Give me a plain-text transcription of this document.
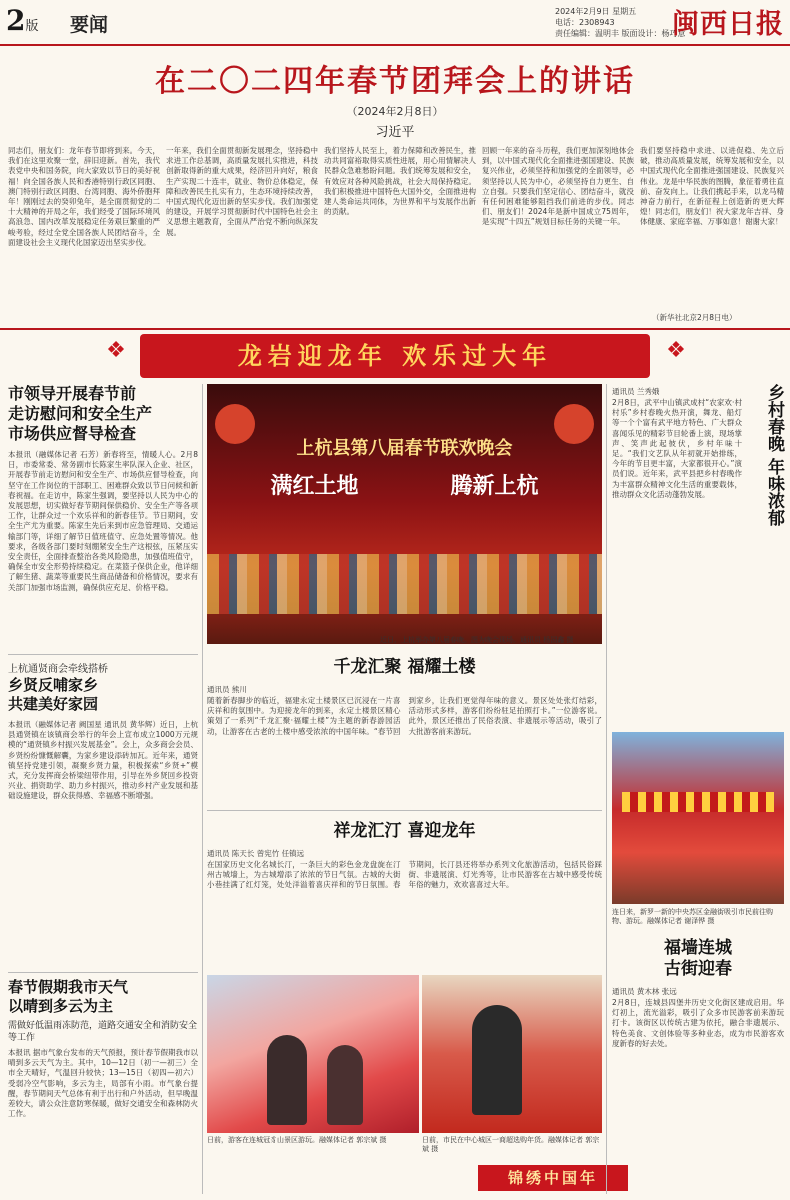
2版 要闻
2024年2月9日 星期五
电话：2308943
责任编辑：温明丰 版面设计：杨巧意
闽西日报
在二〇二四年春节团拜会上的讲话
（2024年2月8日）
习近平
同志们，朋友们：龙年春节即将到来。今天，我们在这里欢聚一堂，辞旧迎新。首先，我代表党中央和国务院，向大家致以节日的美好祝福！向全国各族人民和香港特别行政区同胞、澳门特别行政区同胞、台湾同胞、海外侨胞拜年！刚刚过去的癸卯兔年，是全面贯彻党的二十大精神的开局之年，我们经受了国际环境风高浪急、国内改革发展稳定任务艰巨繁重的严峻考验，经过全党全国各族人民团结奋斗，全面建设社会主义现代化国家迈出坚实步伐。
一年来，我们全面贯彻新发展理念，坚持稳中求进工作总基调，高质量发展扎实推进，科技创新取得新的重大成果，经济回升向好，粮食生产实现二十连丰，就业、物价总体稳定，保障和改善民生扎实有力，生态环境持续改善，中国式现代化迈出新的坚实步伐。我们加强党的建设，开展学习贯彻新时代中国特色社会主义思想主题教育，全面从严治党不断向纵深发展。
我们坚持人民至上，着力保障和改善民生，推动共同富裕取得实质性进展，用心用情解决人民群众急难愁盼问题。我们统筹发展和安全，有效应对各种风险挑战，社会大局保持稳定。我们积极推进中国特色大国外交，全面推进构建人类命运共同体，为世界和平与发展作出新的贡献。
回顾一年来的奋斗历程，我们更加深刻地体会到，以中国式现代化全面推进强国建设、民族复兴伟业，必须坚持和加强党的全面领导，必须坚持以人民为中心，必须坚持自力更生、自立自强。只要我们坚定信心、团结奋斗，就没有任何困难能够阻挡我们前进的步伐。同志们、朋友们！2024年是新中国成立75周年，是实现“十四五”规划目标任务的关键一年。
我们要坚持稳中求进、以进促稳、先立后破，推动高质量发展，统筹发展和安全，以中国式现代化全面推进强国建设、民族复兴伟业。龙是中华民族的图腾，象征着勇往直前、奋发向上。让我们携起手来，以龙马精神奋力前行，在新征程上创造新的更大辉煌！同志们，朋友们！祝大家龙年吉祥、身体健康、家庭幸福、万事如意！谢谢大家！
（新华社北京2月8日电）
❖	龙岩迎龙年 欢乐过大年	❖
市领导开展春节前
走访慰问和安全生产
市场供应督导检查
本报讯（融媒体记者 石芳）新春将至，情暖人心。2月8日，市委常委、常务副市长陈家生率队深入企业、社区，开展春节前走访慰问和安全生产、市场供应督导检查，向坚守在工作岗位的干部职工、困难群众致以节日问候和新春祝福。在走访中，陈家生强调，要坚持以人民为中心的发展思想，切实做好春节期间保供稳价、安全生产等各项工作，让群众过一个欢乐祥和的新春佳节。节日期间，安全生产尤为重要。陈家生先后来到市应急管理局、交通运输部门等，详细了解节日值班值守、应急处置等情况。他要求，各级各部门要时刻绷紧安全生产这根弦，压紧压实安全责任，全面排查整治各类风险隐患，加强值班值守，确保全市安全形势持续稳定。在菜篮子保供企业，他详细了解生猪、蔬菜等重要民生商品储备和价格情况，要求有关部门加强市场监测，确保供应充足、价格平稳。
上杭通贤商会牵线搭桥
乡贤反哺家乡
共建美好家园
本报讯（融媒体记者 阙国星 通讯员 黄华辉）近日，上杭县通贤镇在该镇商会举行的年会上宣布成立1000万元规模的“通贤镇乡村振兴发展基金”。会上，众多商会会员、乡贤纷纷慷慨解囊，为家乡建设添砖加瓦。近年来，通贤镇坚持党建引领，凝聚乡贤力量，积极探索“乡贤+”模式，充分发挥商会桥梁纽带作用，引导在外乡贤回乡投资兴业、捐资助学、助力乡村振兴，推动乡村产业发展和基础设施建设，群众获得感、幸福感不断增强。
春节假期我市天气
以晴到多云为主
需做好低温雨冻防范，道路交通安全和消防安全等工作
本报讯 据市气象台发布的天气预报，预计春节假期我市以晴到多云天气为主。其中，10—12日（初一—初三）全市全天晴好，气温回升较快；13—15日（初四—初六）受弱冷空气影响，多云为主，局部有小雨。市气象台提醒，春节期间天气总体有利于出行和户外活动，但早晚温差较大，请公众注意防寒保暖，做好交通安全和森林防火工作。
上杭县第八届春节联欢晚会
满红土地	腾新上杭
近日，上杭举办第八届春晚。图为晚会现场。通讯员 杨国鑫 摄
千龙汇聚 福耀土楼
通讯员 熊川
随着新春脚步的临近，福建永定土楼景区已沉浸在一片喜庆祥和的氛围中。为迎接龙年的到来，永定土楼景区精心策划了一系列“千龙汇聚·福耀土楼”为主题的新春游园活动，让游客在古老的土楼中感受浓浓的中国年味。“春节回到家乡，让我们更觉得年味的意义。景区处处张灯结彩，活动形式多样，游客们纷纷驻足拍照打卡。”一位游客说。此外，景区还推出了民俗表演、非遗展示等活动，吸引了大批游客前来游玩。
祥龙汇汀 喜迎龙年
通讯员 陈天长 曾宪竹 任镇远
在国家历史文化名城长汀，一条巨大的彩色金龙盘旋在汀州古城墙上，为古城增添了浓浓的节日气氛。古城的大街小巷挂满了红灯笼，处处洋溢着喜庆祥和的节日氛围。春节期间，长汀县还将举办系列文化旅游活动，包括民俗踩街、非遗展演、灯光秀等，让市民游客在古城中感受传统年俗的魅力，欢欢喜喜过大年。
日前，市民在中心城区一商超选购年货。融媒体记者 郭宗斌 摄
日前，游客在连城冠豸山景区游玩。融媒体记者 郭宗斌 摄
锦绣中国年
乡村春晚 年味浓郁
通讯员 兰秀娥
2月8日，武平中山镇武成村“农家欢·村村乐”乡村春晚火热开演，舞龙、船灯等一个个富有武平地方特色、广大群众喜闻乐见的精彩节目轮番上演，现场掌声、笑声此起彼伏，乡村年味十足。“我们文艺队从年初就开始排练，今年的节目更丰富，大家都很开心。”演员们说。近年来，武平县把乡村春晚作为丰富群众精神文化生活的重要载体，推动群众文化活动蓬勃发展。
连日来，新罗一新的中央苏区金融街吸引市民前往购物、游玩。融媒体记者 谢泽铧 摄
福墙连城
古街迎春
通讯员 黄木林 张远
2月8日，连城县四堡井历史文化街区建成启用。华灯初上，流光溢彩，吸引了众多市民游客前来游玩打卡。该街区以传统古建为依托，融合非遗展示、特色美食、文创体验等多种业态，成为市民游客欢度新春的好去处。
